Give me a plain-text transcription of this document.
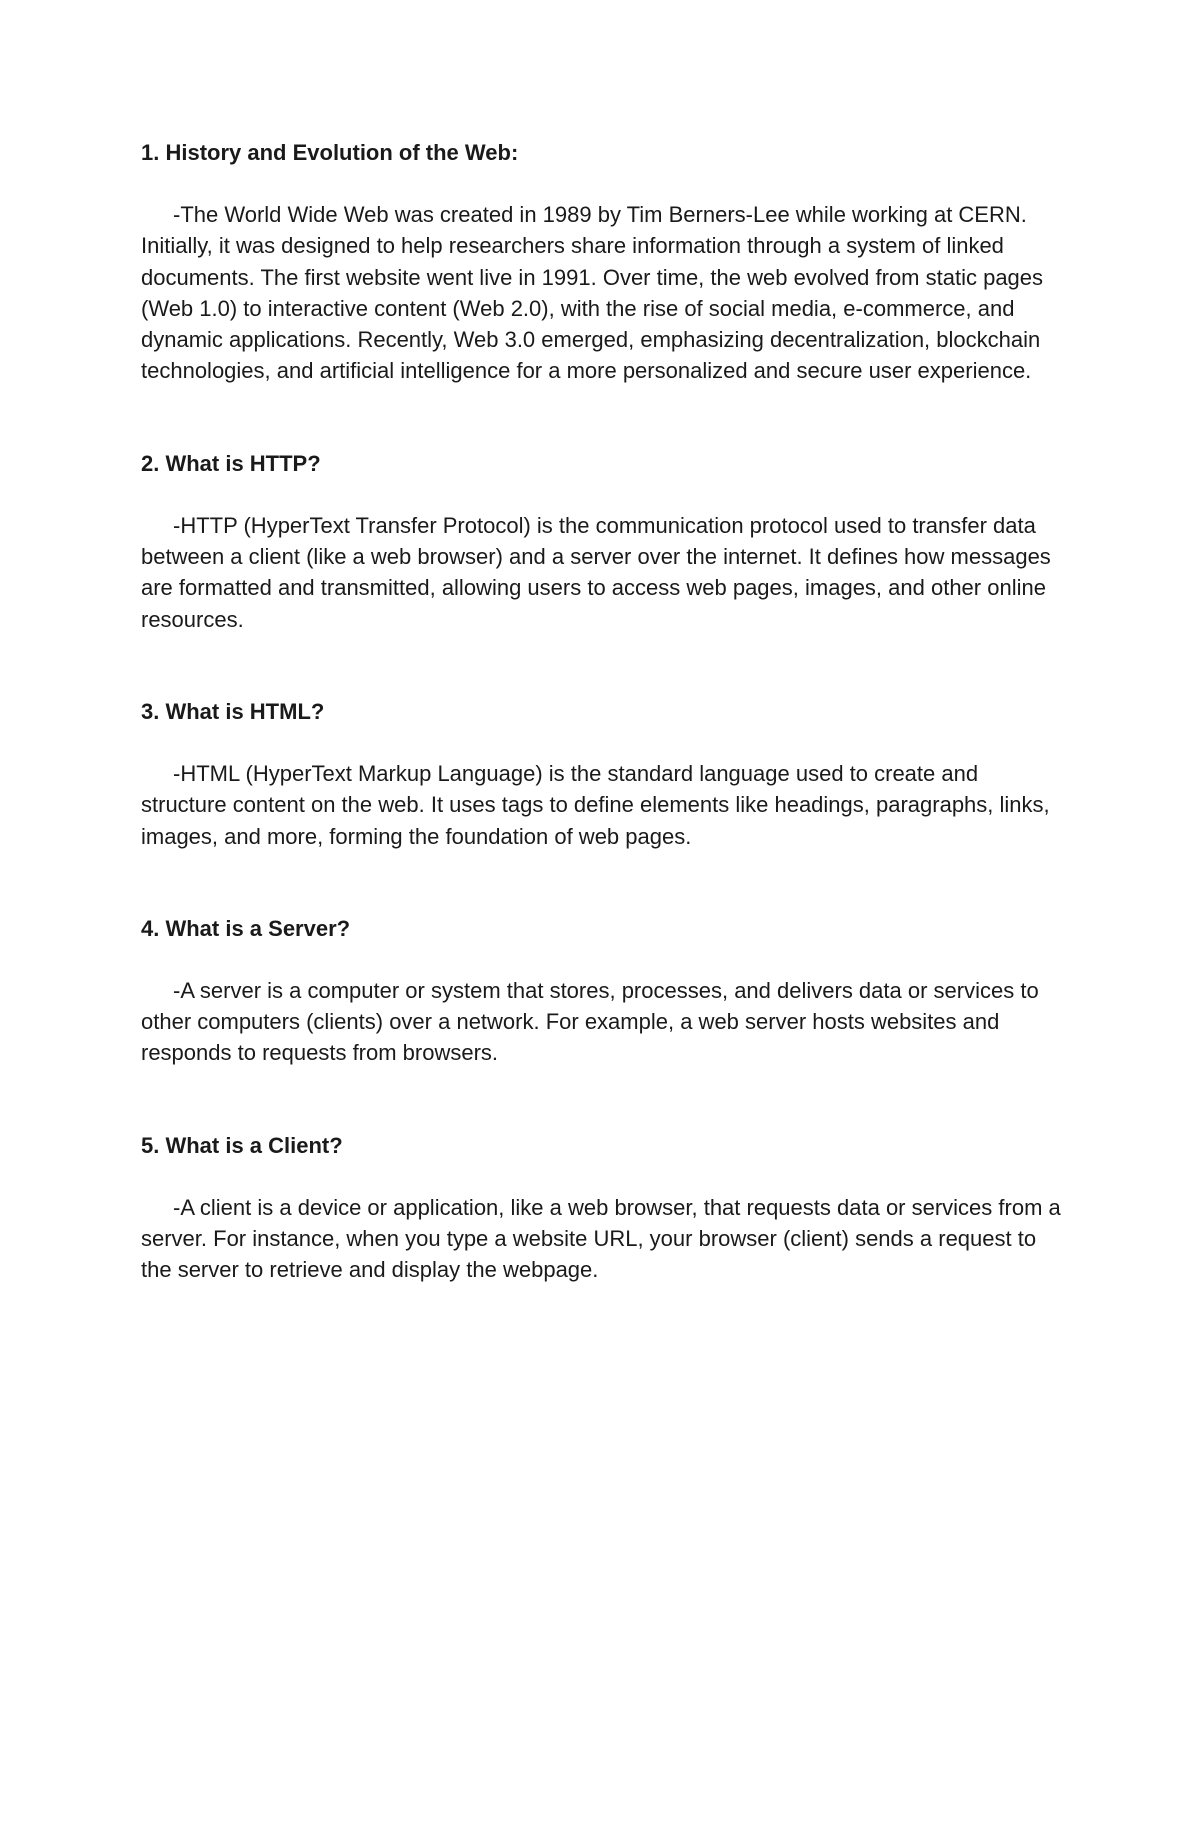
1. History and Evolution of the Web:

-The World Wide Web was created in 1989 by Tim Berners-Lee while working at CERN. Initially, it was designed to help researchers share information through a system of linked documents. The first website went live in 1991. Over time, the web evolved from static pages (Web 1.0) to interactive content (Web 2.0), with the rise of social media, e-commerce, and dynamic applications. Recently, Web 3.0 emerged, emphasizing decentralization, blockchain technologies, and artificial intelligence for a more personalized and secure user experience.

2. What is HTTP?

-HTTP (HyperText Transfer Protocol) is the communication protocol used to transfer data between a client (like a web browser) and a server over the internet. It defines how messages are formatted and transmitted, allowing users to access web pages, images, and other online resources.

3. What is HTML?

-HTML (HyperText Markup Language) is the standard language used to create and structure content on the web. It uses tags to define elements like headings, paragraphs, links, images, and more, forming the foundation of web pages.

4. What is a Server?

-A server is a computer or system that stores, processes, and delivers data or services to other computers (clients) over a network. For example, a web server hosts websites and responds to requests from browsers.

5. What is a Client?

-A client is a device or application, like a web browser, that requests data or services from a server. For instance, when you type a website URL, your browser (client) sends a request to the server to retrieve and display the webpage.
